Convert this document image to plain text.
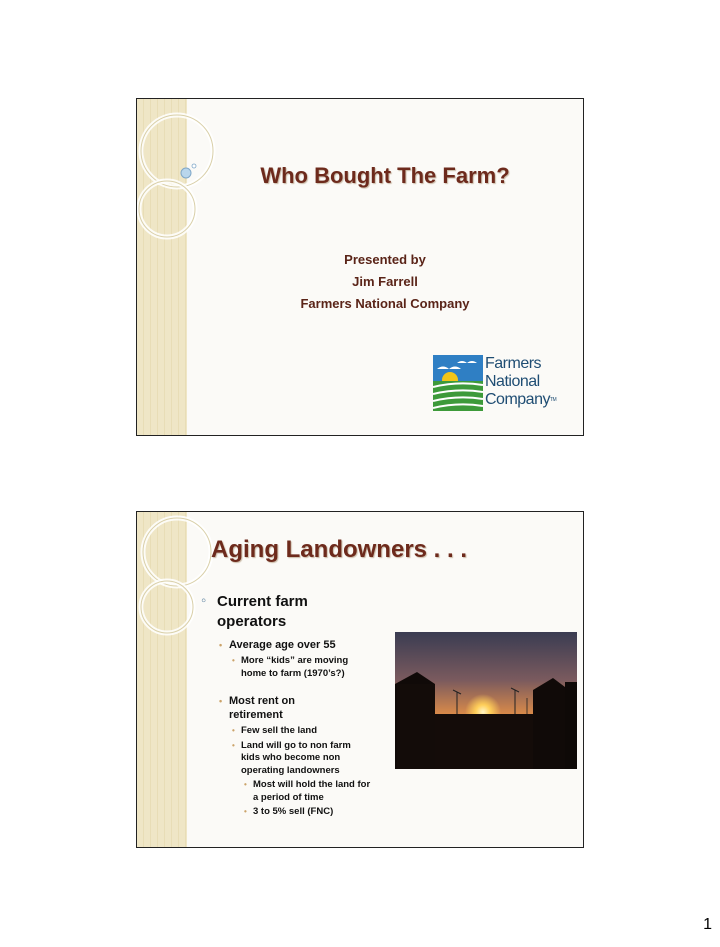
Who Bought The Farm?
Presented by
Jim Farrell
Farmers National Company
Farmers
National
CompanyTM
Aging Landowners . . .
◦ Current farm operators
• Average age over 55
• More “kids” are moving home to farm (1970’s?)
• Most rent on retirement
• Few sell the land
• Land will go to non farm kids who become non operating landowners
• Most will hold the land for a period of time
• 3 to 5% sell (FNC)
1
